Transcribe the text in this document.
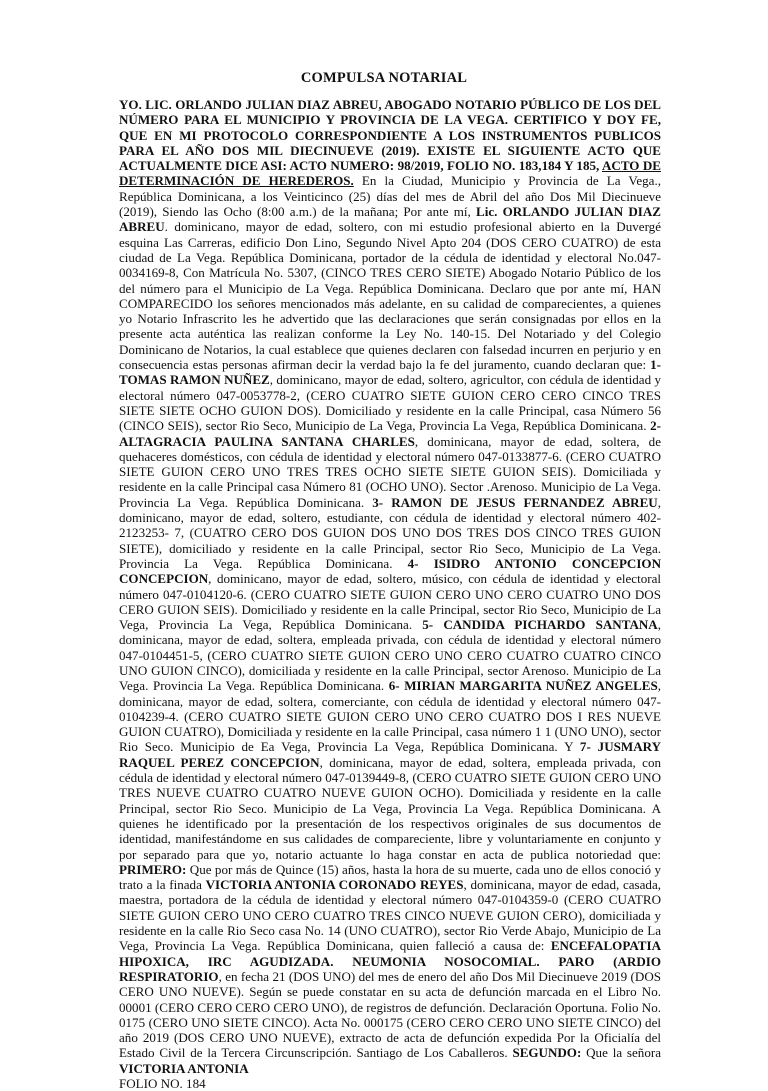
COMPULSA NOTARIAL

YO. LIC. ORLANDO JULIAN DIAZ ABREU, ABOGADO NOTARIO PÚBLICO DE LOS DEL NÚMERO PARA EL MUNICIPIO Y PROVINCIA DE LA VEGA. CERTIFICO Y DOY FE, QUE EN MI PROTOCOLO CORRESPONDIENTE A LOS INSTRUMENTOS PUBLICOS PARA EL AÑO DOS MIL DIECINUEVE (2019). EXISTE EL SIGUIENTE ACTO QUE ACTUALMENTE DICE ASI: ACTO NUMERO: 98/2019, FOLIO NO. 183,184 Y 185, ACTO DE DETERMINACIÓN DE HEREDEROS. En la Ciudad, Municipio y Provincia de La Vega., República Dominicana, a los Veinticinco (25) días del mes de Abril del año Dos Mil Diecinueve (2019), Siendo las Ocho (8:00 a.m.) de la mañana; Por ante mí, Lic. ORLANDO JULIAN DIAZ ABREU. dominicano, mayor de edad, soltero, con mi estudio profesional abierto en la Duvergé esquina Las Carreras, edificio Don Lino, Segundo Nivel Apto 204 (DOS CERO CUATRO) de esta ciudad de La Vega. República Dominicana, portador de la cédula de identidad y electoral No.047-0034169-8, Con Matrícula No. 5307, (CINCO TRES CERO SIETE) Abogado Notario Público de los del número para el Municipio de La Vega. República Dominicana. Declaro que por ante mí, HAN COMPARECIDO los señores mencionados más adelante, en su calidad de comparecientes, a quienes yo Notario Infrascrito les he advertido que las declaraciones que serán consignadas por ellos en la presente acta auténtica las realizan conforme la Ley No. 140-15. Del Notariado y del Colegio Dominicano de Notarios, la cual establece que quienes declaren con falsedad incurren en perjurio y en consecuencia estas personas afirman decir la verdad bajo la fe del juramento, cuando declaran que: 1- TOMAS RAMON NUÑEZ, dominicano, mayor de edad, soltero, agricultor, con cédula de identidad y electoral número 047-0053778-2, (CERO CUATRO SIETE GUION CERO CERO CINCO TRES SIETE SIETE OCHO GUION DOS). Domiciliado y residente en la calle Principal, casa Número 56 (CINCO SEIS), sector Rio Seco, Municipio de La Vega, Provincia La Vega, República Dominicana. 2- ALTAGRACIA PAULINA SANTANA CHARLES, dominicana, mayor de edad, soltera, de quehaceres domésticos, con cédula de identidad y electoral número 047-0133877-6. (CERO CUATRO SIETE GUION CERO UNO TRES TRES OCHO SIETE SIETE GUION SEIS). Domiciliada y residente en la calle Principal casa Número 81 (OCHO UNO). Sector .Arenoso. Municipio de La Vega. Provincia La Vega. República Dominicana. 3- RAMON DE JESUS FERNANDEZ ABREU, dominicano, mayor de edad, soltero, estudiante, con cédula de identidad y electoral número 402-2123253- 7, (CUATRO CERO DOS GUION DOS UNO DOS TRES DOS CINCO TRES GUION SIETE), domiciliado y residente en la calle Principal, sector Rio Seco, Municipio de La Vega. Provincia La Vega. República Dominicana. 4- ISIDRO ANTONIO CONCEPCION CONCEPCION, dominicano, mayor de edad, soltero, músico, con cédula de identidad y electoral número 047-0104120-6. (CERO CUATRO SIETE GUION CERO UNO CERO CUATRO UNO DOS CERO GUION SEIS). Domiciliado y residente en la calle Principal, sector Rio Seco, Municipio de La Vega, Provincia La Vega, República Dominicana. 5- CANDIDA PICHARDO SANTANA, dominicana, mayor de edad, soltera, empleada privada, con cédula de identidad y electoral número 047-0104451-5, (CERO CUATRO SIETE GUION CERO UNO CERO CUATRO CUATRO CINCO UNO GUION CINCO), domiciliada y residente en la calle Principal, sector Arenoso. Municipio de La Vega. Provincia La Vega. República Dominicana. 6- MIRIAN MARGARITA NUÑEZ ANGELES, dominicana, mayor de edad, soltera, comerciante, con cédula de identidad y electoral número 047-0104239-4. (CERO CUATRO SIETE GUION CERO UNO CERO CUATRO DOS I RES NUEVE GUION CUATRO), Domiciliada y residente en la calle Principal, casa número 1 1 (UNO UNO), sector Rio Seco. Municipio de Ea Vega, Provincia La Vega, República Dominicana. Y 7- JUSMARY RAQUEL PEREZ CONCEPCION, dominicana, mayor de edad, soltera, empleada privada, con cédula de identidad y electoral número 047-0139449-8, (CERO CUATRO SIETE GUION CERO UNO TRES NUEVE CUATRO CUATRO NUEVE GUION OCHO). Domiciliada y residente en la calle Principal, sector Rio Seco. Municipio de La Vega, Provincia La Vega. República Dominicana. A quienes he identificado por la presentación de los respectivos originales de sus documentos de identidad, manifestándome en sus calidades de compareciente, libre y voluntariamente en conjunto y por separado para que yo, notario actuante lo haga constar en acta de publica notoriedad que: PRIMERO: Que por más de Quince (15) años, hasta la hora de su muerte, cada uno de ellos conoció y trato a la finada VICTORIA ANTONIA CORONADO REYES, dominicana, mayor de edad, casada, maestra, portadora de la cédula de identidad y electoral número 047-0104359-0 (CERO CUATRO SIETE GUION CERO UNO CERO CUATRO TRES CINCO NUEVE GUION CERO), domiciliada y residente en la calle Rio Seco casa No. 14 (UNO CUATRO), sector Rio Verde Abajo, Municipio de La Vega, Provincia La Vega. República Dominicana, quien falleció a causa de: ENCEFALOPATIA HIPOXICA, IRC AGUDIZADA. NEUMONIA NOSOCOMIAL. PARO (ARDIO RESPIRATORIO, en fecha 21 (DOS UNO) del mes de enero del año Dos Mil Diecinueve 2019 (DOS CERO UNO NUEVE). Según se puede constatar en su acta de defunción marcada en el Libro No. 00001 (CERO CERO CERO CERO UNO), de registros de defunción. Declaración Oportuna. Folio No. 0175 (CERO UNO SIETE CINCO). Acta No. 000175 (CERO CERO CERO UNO SIETE CINCO) del año 2019 (DOS CERO UNO NUEVE), extracto de acta de defunción expedida Por la Oficialía del Estado Civil de la Tercera Circunscripción. Santiago de Los Caballeros. SEGUNDO: Que la señora VICTORIA ANTONIA

FOLIO NO. 184
